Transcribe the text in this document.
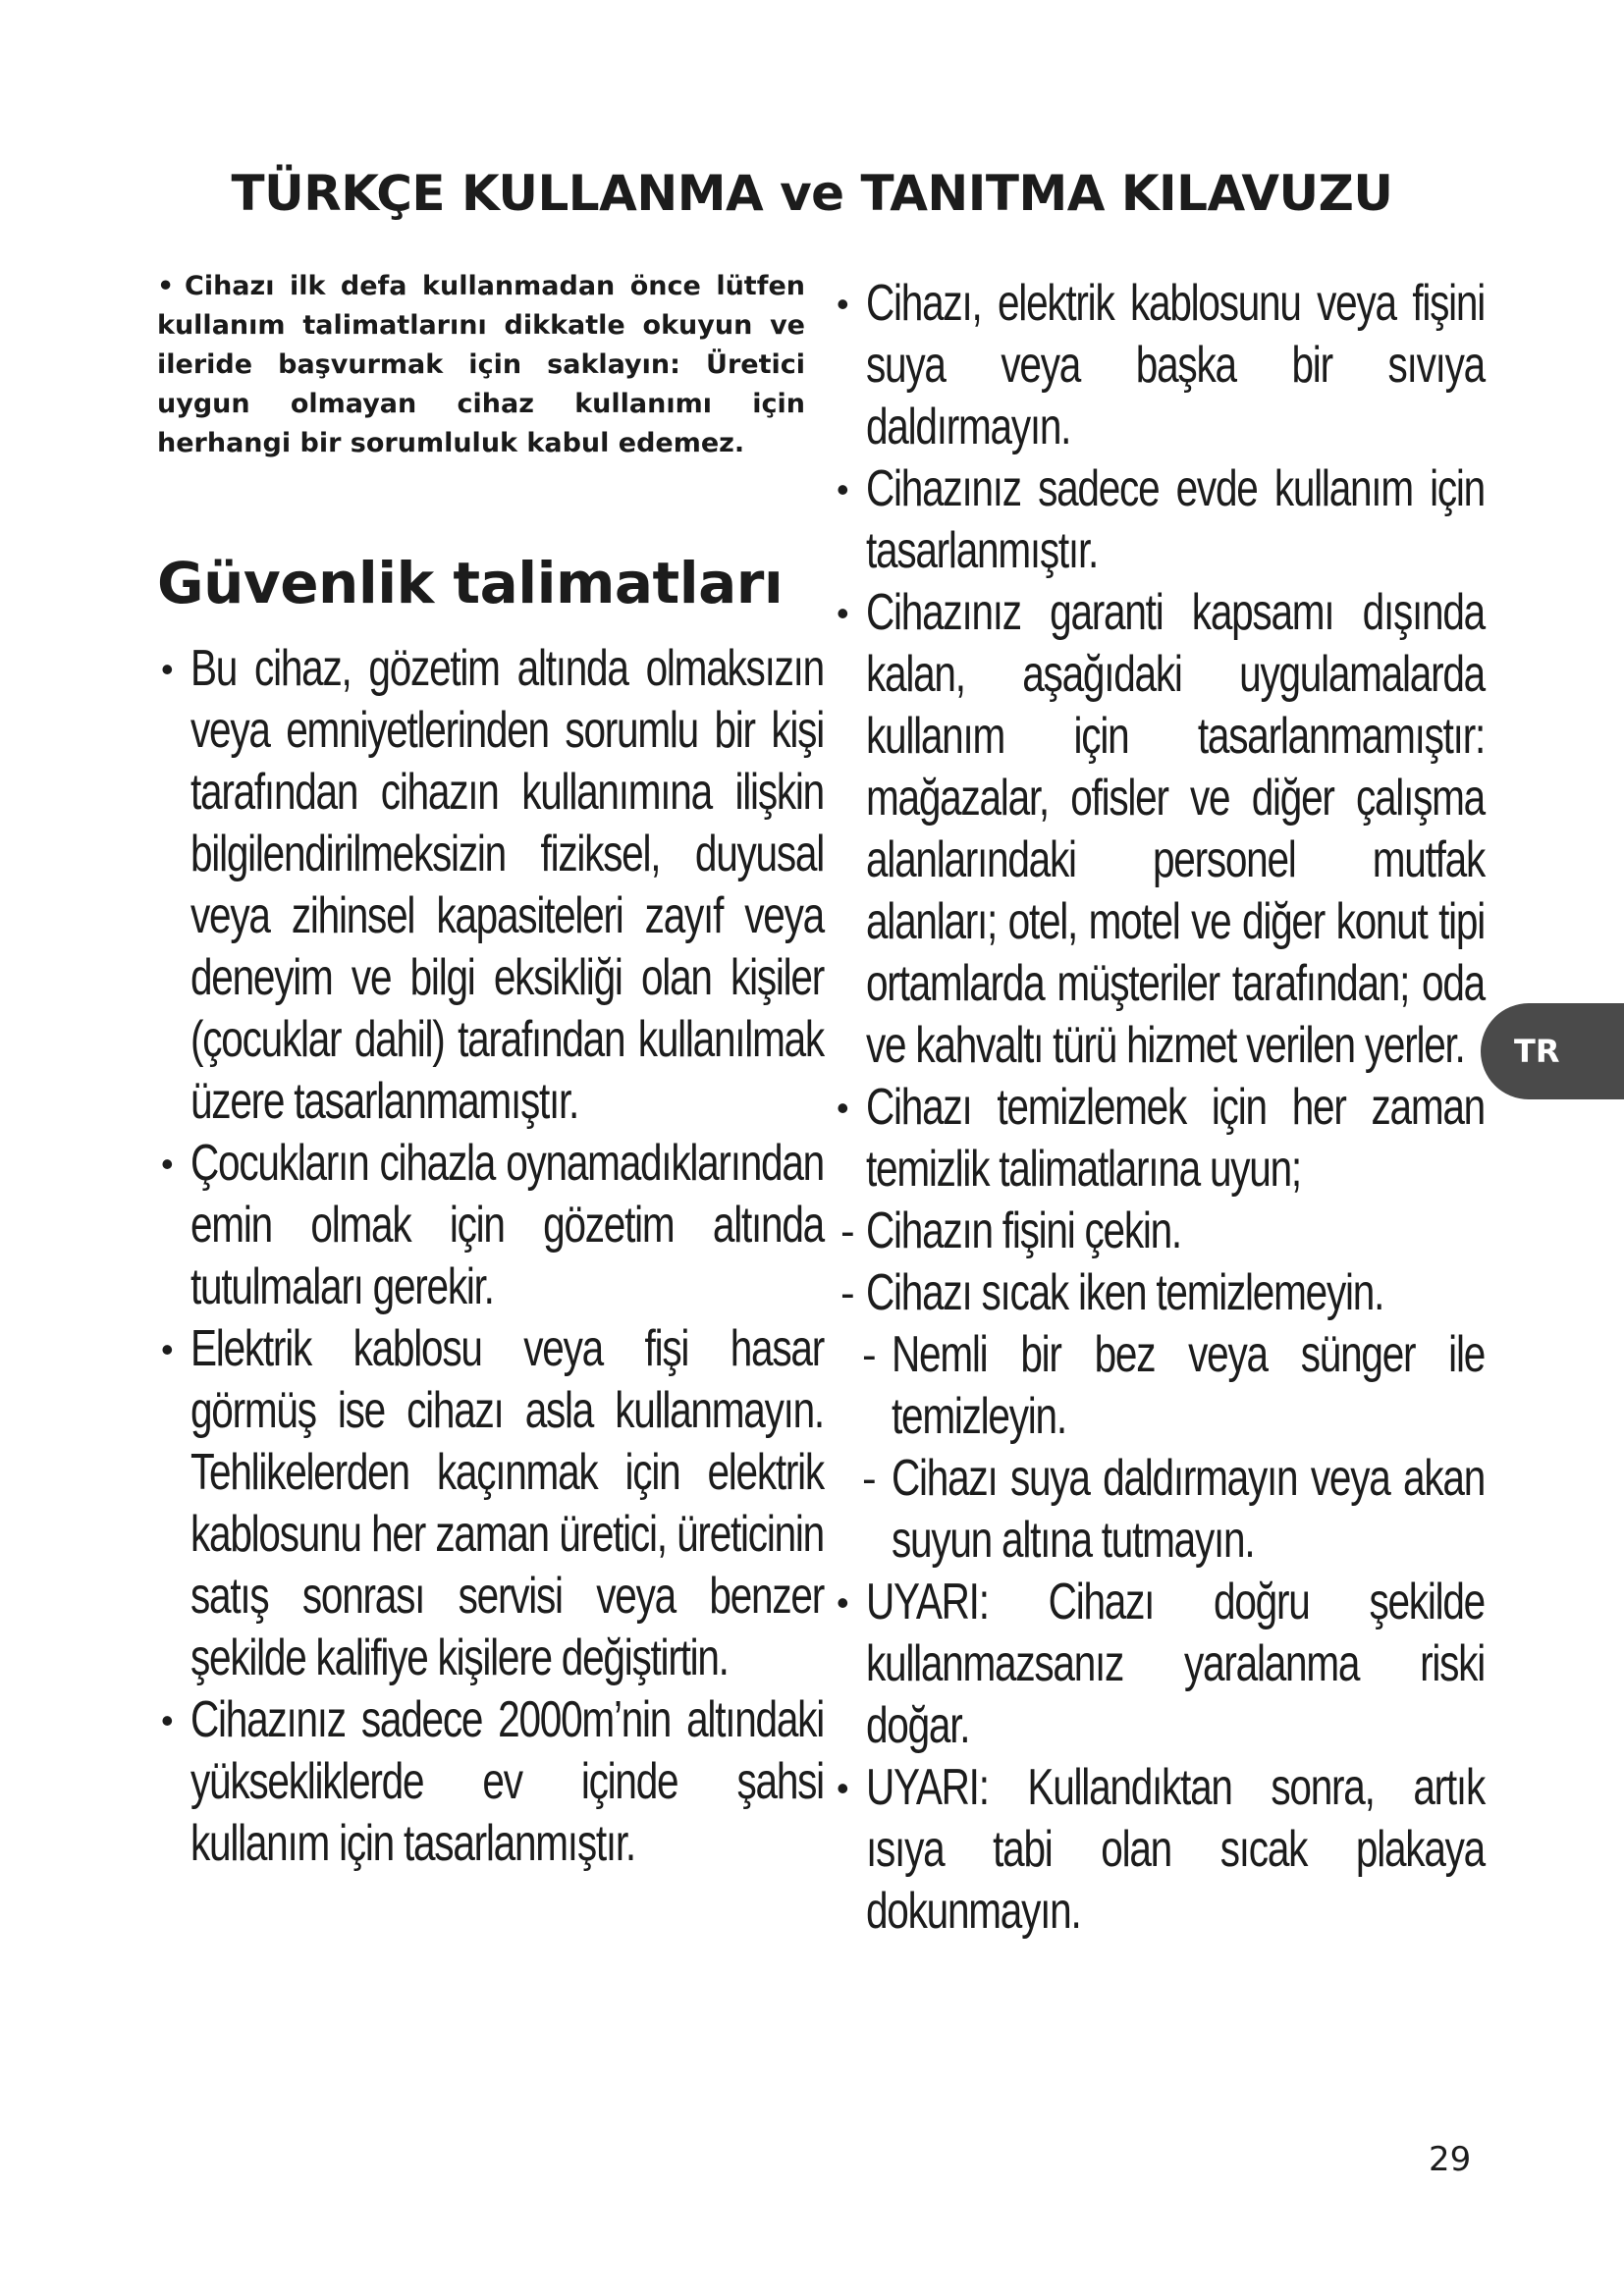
TÜRKÇE KULLANMA ve TANITMA KILAVUZU
• Cihazı ilk defa kullanmadan önce lütfen kullanım talimatlarını dikkatle okuyun ve ileride başvurmak için saklayın: Üretici uygun olmayan cihaz kullanımı için herhangi bir sorumluluk kabul edemez.
Güvenlik talimatları
• Bu cihaz, gözetim altında olmaksızın veya emniyetlerinden sorumlu bir kişi tarafından cihazın kullanımına ilişkin bilgilendirilmeksizin fiziksel, duyusal veya zihinsel kapasiteleri zayıf veya deneyim ve bilgi eksikliği olan kişiler (çocuklar dahil) tarafından kullanılmak üzere tasarlanmamıştır.
• Çocukların cihazla oynamadıklarından emin olmak için gözetim altında tutulmaları gerekir.
• Elektrik kablosu veya fişi hasar görmüş ise cihazı asla kullanmayın. Tehlikelerden kaçınmak için elektrik kablosunu her zaman üretici, üreticinin satış sonrası servisi veya benzer şekilde kalifiye kişilere değiştirtin.
• Cihazınız sadece 2000m’nin altındaki yüksekliklerde ev içinde şahsi kullanım için tasarlanmıştır.
• Cihazı, elektrik kablosunu veya fişini suya veya başka bir sıvıya daldırmayın.
• Cihazınız sadece evde kullanım için tasarlanmıştır.
• Cihazınız garanti kapsamı dışında kalan, aşağıdaki uygulamalarda kullanım için tasarlanmamıştır: mağazalar, ofisler ve diğer çalışma alanlarındaki personel mutfak alanları; otel, motel ve diğer konut tipi ortamlarda müşteriler tarafından; oda ve kahvaltı türü hizmet verilen yerler.
• Cihazı temizlemek için her zaman temizlik talimatlarına uyun;
- Cihazın fişini çekin.
- Cihazı sıcak iken temizlemeyin.
- Nemli bir bez veya sünger ile temizleyin.
- Cihazı suya daldırmayın veya akan suyun altına tutmayın.
• UYARI: Cihazı doğru şekilde kullanmazsanız yaralanma riski doğar.
• UYARI: Kullandıktan sonra, artık ısıya tabi olan sıcak plakaya dokunmayın.
TR
29
